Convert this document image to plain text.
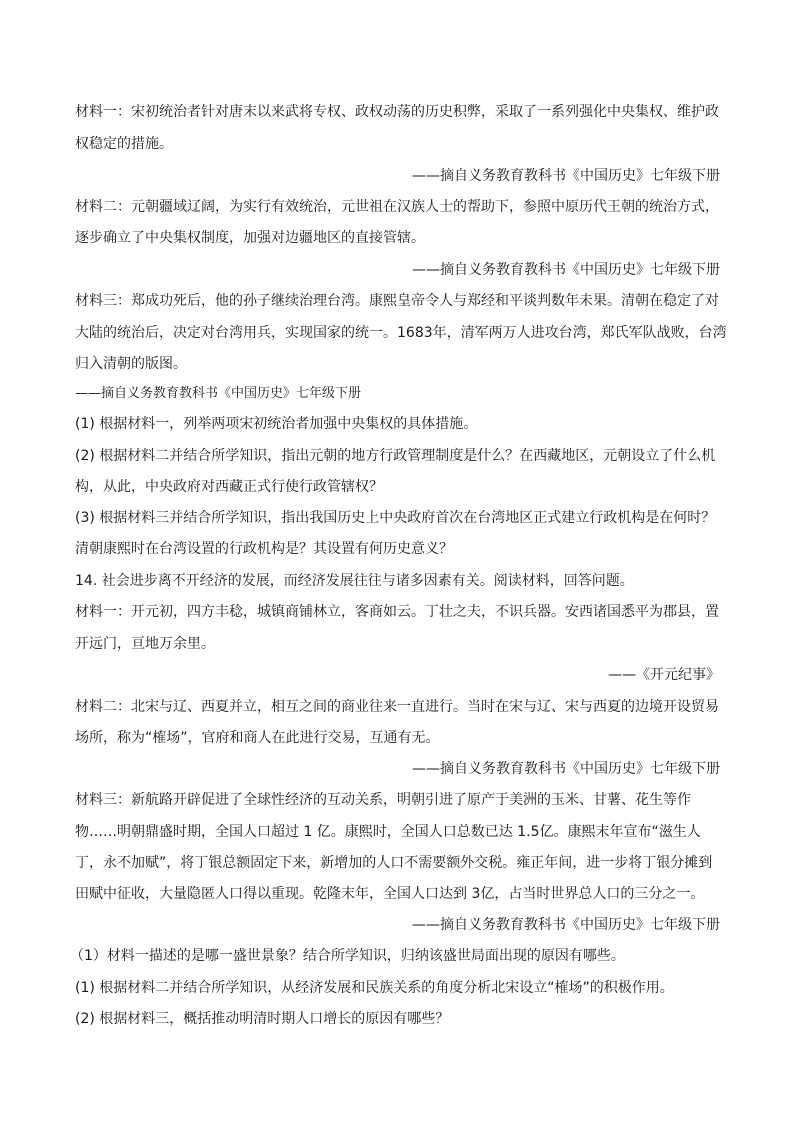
材料一：宋初统治者针对唐末以来武将专权、政权动荡的历史积弊，采取了一系列强化中央集权、维护政
权稳定的措施。
——摘自义务教育教科书《中国历史》七年级下册
材料二：元朝疆域辽阔，为实行有效统治，元世祖在汉族人士的帮助下，参照中原历代王朝的统治方式，
逐步确立了中央集权制度，加强对边疆地区的直接管辖。
——摘自义务教育教科书《中国历史》七年级下册
材料三：郑成功死后，他的孙子继续治理台湾。康熙皇帝令人与郑经和平谈判数年未果。清朝在稳定了对
大陆的统治后，决定对台湾用兵，实现国家的统一。1683年，清军两万人进攻台湾，郑氏军队战败，台湾
归入清朝的版图。
——摘自义务教育教科书《中国历史》七年级下册
(1) 根据材料一，列举两项宋初统治者加强中央集权的具体措施。
(2) 根据材料二并结合所学知识，指出元朝的地方行政管理制度是什么？在西藏地区，元朝设立了什么机
构，从此，中央政府对西藏正式行使行政管辖权？
(3) 根据材料三并结合所学知识，指出我国历史上中央政府首次在台湾地区正式建立行政机构是在何时？
清朝康熙时在台湾设置的行政机构是？其设置有何历史意义？
14. 社会进步离不开经济的发展，而经济发展往往与诸多因素有关。阅读材料，回答问题。
材料一：开元初，四方丰稔，城镇商铺林立，客商如云。丁壮之夫，不识兵器。安西诸国悉平为郡县，置
开远门，亘地万余里。
——《开元纪事》
材料二：北宋与辽、西夏并立，相互之间的商业往来一直进行。当时在宋与辽、宋与西夏的边境开设贸易
场所，称为“榷场”，官府和商人在此进行交易，互通有无。
——摘自义务教育教科书《中国历史》七年级下册
材料三：新航路开辟促进了全球性经济的互动关系，明朝引进了原产于美洲的玉米、甘薯、花生等作
物……明朝鼎盛时期，全国人口超过 1 亿。康熙时，全国人口总数已达 1.5亿。康熙末年宣布“滋生人
丁，永不加赋”，将丁银总额固定下来，新增加的人口不需要额外交税。雍正年间，进一步将丁银分摊到
田赋中征收，大量隐匿人口得以重现。乾隆末年，全国人口达到 3亿，占当时世界总人口的三分之一。
——摘自义务教育教科书《中国历史》七年级下册
（1）材料一描述的是哪一盛世景象？结合所学知识，归纳该盛世局面出现的原因有哪些。
(1) 根据材料二并结合所学知识，从经济发展和民族关系的角度分析北宋设立“榷场”的积极作用。
(2) 根据材料三，概括推动明清时期人口增长的原因有哪些？
